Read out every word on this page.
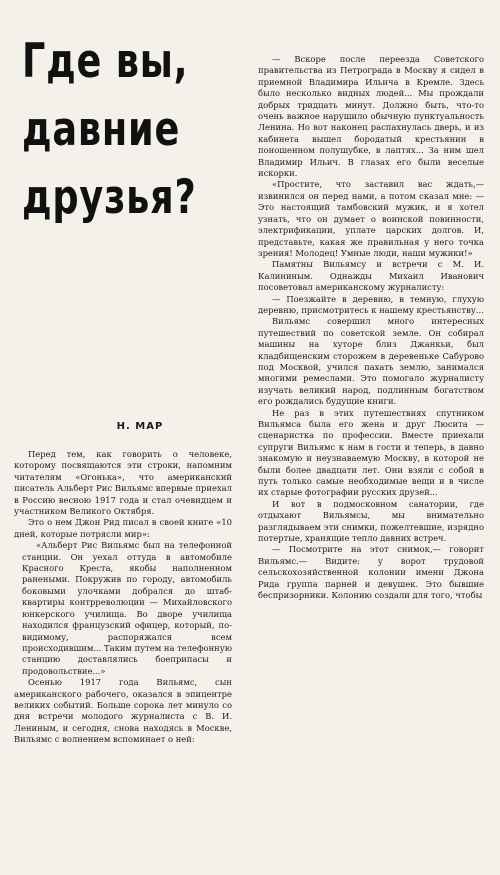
Где вы,
давние
друзья?
Н. МАР

Перед тем, как говорить о человеке, которому посвящаются эти строки, напомним читателям «Огонька», что американский писатель Альберт Рис Вильямс впервые приехал в Россию весною 1917 года и стал очевидцем и участником Великого Октября.

Это о нем Джон Рид писал в своей книге «10 дней, которые потрясли мир»:

«Альберт Рис Вильямс был на телефонной станции. Он уехал оттуда в автомобиле Красного Креста, якобы наполненном ранеными. Покружив по городу, автомобиль боковыми улочками добрался до штаб-квартиры контрреволюции — Михайловского юнкерского училища. Во дворе училища находился французский офицер, который, по-видимому, распоряжался всем происходившим... Таким путем на телефонную станцию доставлялись боеприпасы и продовольствие...»

Осенью 1917 года Вильямс, сын американского рабочего, оказался в эпицентре великих событий. Больше сорока лет минуло со дня встречи молодого журналиста с В. И. Лениным, и сегодня, снова находясь в Москве, Вильямс с волнением вспоминает о ней:

— Вскоре после переезда Советского правительства из Петрограда в Москву я сидел в приемной Владимира Ильича в Кремле. Здесь было несколько видных людей... Мы прождали добрых тридцать минут. Должно быть, что-то очень важное нарушило обычную пунктуальность Ленина. Но вот наконец распахнулась дверь, и из кабинета вышел бородатый крестьянин в поношенном полушубке, в лаптях... За ним шел Владимир Ильич. В глазах его были веселые искорки.

«Простите, что заставил вас ждать,— извинился он перед нами, а потом сказал мне: — Это настоящий тамбовский мужик, и я хотел узнать, что он думает о воинской повинности, электрификации, уплате царских долгов. И, представьте, какая же правильная у него точка зрения! Молодец! Умные люди, наши мужики!»

Памятны Вильямсу и встречи с М. И. Калининым. Однажды Михаил Иванович посоветовал американскому журналисту:

— Поезжайте в деревню, в темную, глухую деревню, присмотритесь к нашему крестьянству...

Вильямс совершил много интересных путешествий по советской земле. Он собирал машины на хуторе близ Джанкьи, был кладбищенским сторожем в деревеньке Сабурово под Москвой, учился пахать землю, занимался многими ремеслами. Это помогало журналисту изучать великий народ, подлинным богатством его рождались будущие книги.

Не раз в этих путешествиях спутником Вильямса была его жена и друг Люсита — сценаристка по профессии. Вместе приехали супруги Вильямс к нам в гости и теперь, в давно знакомую и неузнаваемую Москву, в которой не были более двадцати лет. Они взяли с собой в путь только самые необходимые вещи и в числе их старые фотографии русских друзей...

И вот в подмосковном санатории, где отдыхают Вильямсы, мы внимательно разглядываем эти снимки, пожелтевшие, изрядно потертые, хранящие тепло давних встреч.

— Посмотрите на этот снимок,— говорит Вильямс.— Видите: у ворот трудовой сельскохозяйственной колонии имени Джона Рида группа парней и девушек. Это бывшие беспризорники. Колонию создали для того, чтобы
